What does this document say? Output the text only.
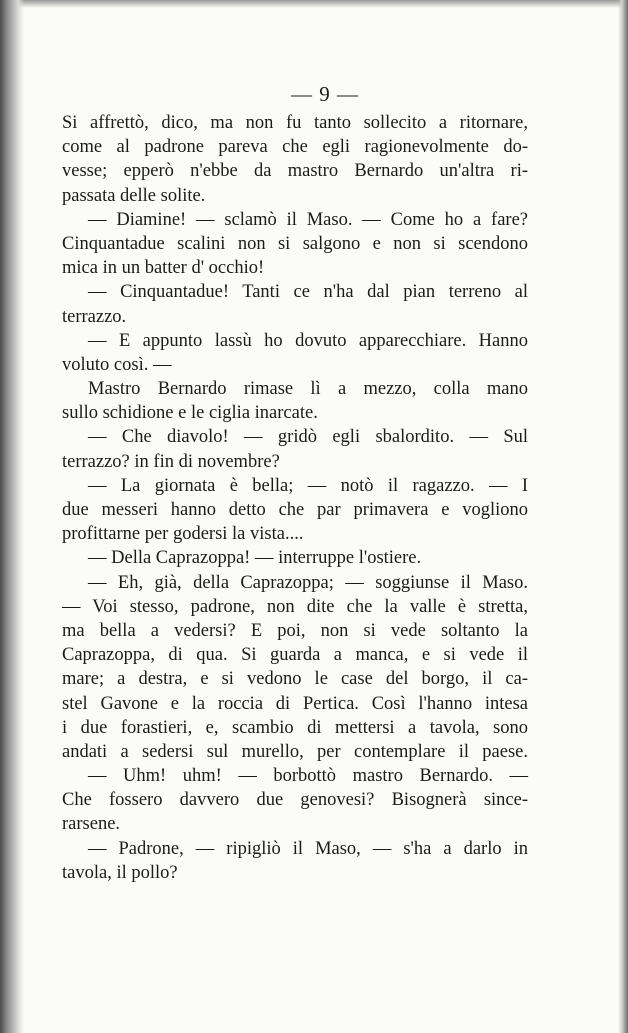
— 9 —
Si affrettò, dico, ma non fu tanto sollecito a ritornare,
come al padrone pareva che egli ragionevolmente do-
vesse; epperò n'ebbe da mastro Bernardo un'altra ri-
passata delle solite.
— Diamine! — sclamò il Maso. — Come ho a fare?
Cinquantadue scalini non si salgono e non si scendono
mica in un batter d' occhio!
— Cinquantadue! Tanti ce n'ha dal pian terreno al
terrazzo.
— E appunto lassù ho dovuto apparecchiare. Hanno
voluto così. —
Mastro Bernardo rimase lì a mezzo, colla mano
sullo schidione e le ciglia inarcate.
— Che diavolo! — gridò egli sbalordito. — Sul
terrazzo? in fin di novembre?
— La giornata è bella; — notò il ragazzo. — I
due messeri hanno detto che par primavera e vogliono
profittarne per godersi la vista....
— Della Caprazoppa! — interruppe l'ostiere.
— Eh, già, della Caprazoppa; — soggiunse il Maso.
— Voi stesso, padrone, non dite che la valle è stretta,
ma bella a vedersi? E poi, non si vede soltanto la
Caprazoppa, di qua. Si guarda a manca, e si vede il
mare; a destra, e si vedono le case del borgo, il ca-
stel Gavone e la roccia di Pertica. Così l'hanno intesa
i due forastieri, e, scambio di mettersi a tavola, sono
andati a sedersi sul murello, per contemplare il paese.
— Uhm! uhm! — borbottò mastro Bernardo. —
Che fossero davvero due genovesi? Bisognerà since-
rarsene.
— Padrone, — ripigliò il Maso, — s'ha a darlo in
tavola, il pollo?
